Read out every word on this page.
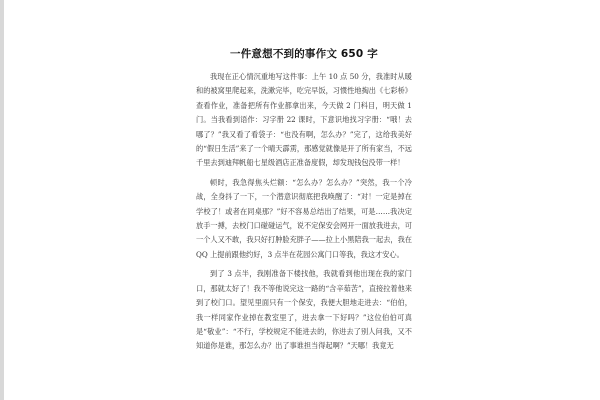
一件意想不到的事作文 650 字

我现在正心情沉重地写这件事：上午 10 点 50 分，我准时从暖和的被窝里爬起来，洗漱完毕，吃完早饭，习惯性地掏出《七彩桥》查看作业，准备把所有作业都拿出来，今天做 2 门科目，明天做 1 门。当我看到语作：习字册 22 课时，下意识地找习字册：“哦！去哪了？”我又看了看袋子：“也没有啊，怎么办？”完了，这给我美好的“假日生活”来了一个晴天霹雳，那感觉就像是开了所有家当，不远千里去到迪拜帆船七星级酒店正准备度假，却发现钱包没带一样！

顿时，我急得焦头烂额：“怎么办？怎么办？”突然，我一个冷战，全身抖了一下，一个潜意识彻底把我唤醒了：“对！一定是掉在学校了！或者在同桌那？”好不容易总结出了结果，可是……我决定放手一搏，去校门口碰碰运气，说不定保安会网开一面放我进去，可一个人又不敢，我只好打肿脸充胖子——拉上小黑陪我一起去，我在 QQ 上提前跟他约好，3 点半在花园公寓门口等我，我这才安心。

到了 3 点半，我刚准备下楼找他，我就看到他出现在我的家门口，那就太好了！我不等他说完这一路的“含辛茹苦”，直接拉着他来到了校门口。望见里面只有一个保安，我便大胆地走进去：“伯伯，我一样同家作业掉在教室里了，进去拿一下好吗？”这位伯伯可真是“敬业”：“不行，学校规定不能进去的，你进去了别人问我，又不知道你是谁，那怎么办？出了事谁担当得起啊？”天哪！我竟无
